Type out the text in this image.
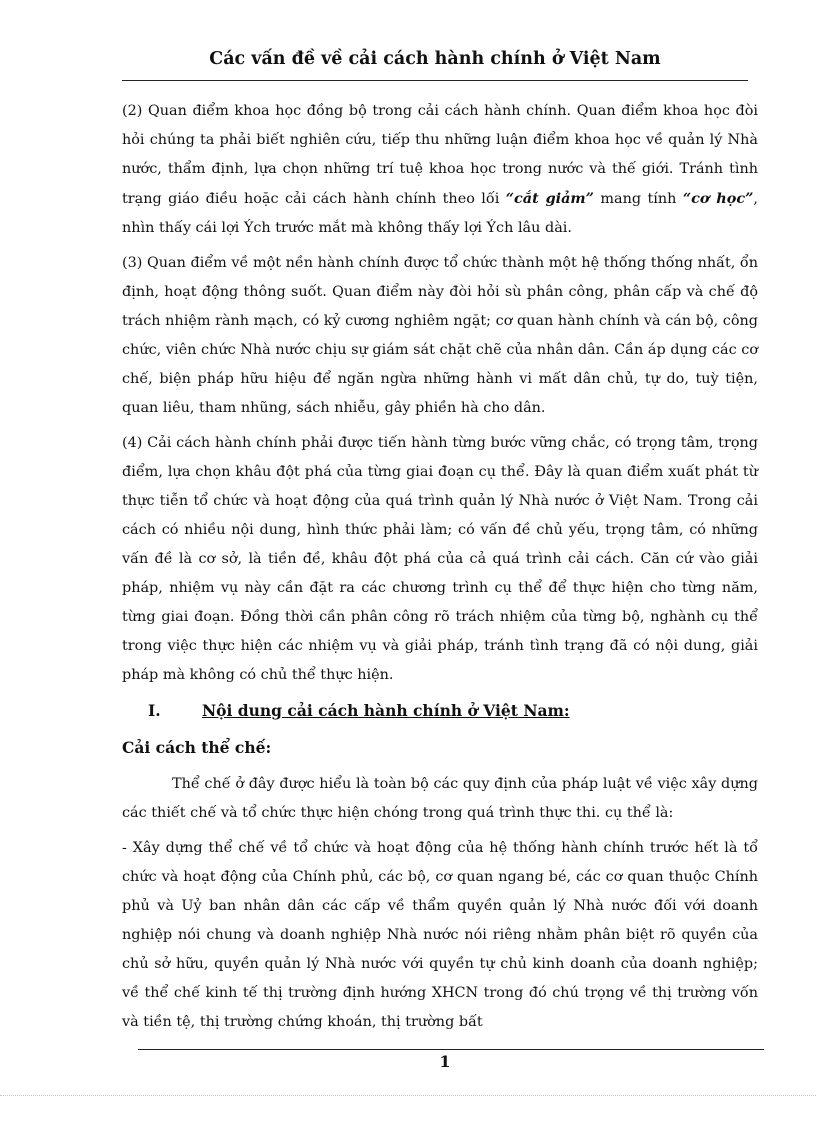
Các vấn đề về cải cách hành chính ở Việt Nam

(2) Quan điểm khoa học đồng bộ trong cải cách hành chính. Quan điểm khoa học đòi hỏi chúng ta phải biết nghiên cứu, tiếp thu những luận điểm khoa học về quản lý Nhà nước, thẩm định, lựa chọn những trí tuệ khoa học trong nước và thế giới. Tránh tình trạng giáo điều hoặc cải cách hành chính theo lối “cắt giảm” mang tính “cơ học”, nhìn thấy cái lợi Ých trước mắt mà không thấy lợi Ých lâu dài.

(3) Quan điểm về một nền hành chính được tổ chức thành một hệ thống thống nhất, ổn định, hoạt động thông suốt. Quan điểm này đòi hỏi sù phân công, phân cấp và chế độ trách nhiệm rành mạch, có kỷ cương nghiêm ngặt; cơ quan hành chính và cán bộ, công chức, viên chức Nhà nước chịu sự giám sát chặt chẽ của nhân dân. Cần áp dụng các cơ chế, biện pháp hữu hiệu để ngăn ngừa những hành vi mất dân chủ, tự do, tuỳ tiện, quan liêu, tham nhũng, sách nhiễu, gây phiền hà cho dân.

(4) Cải cách hành chính phải được tiến hành từng bước vững chắc, có trọng tâm, trọng điểm, lựa chọn khâu đột phá của từng giai đoạn cụ thể. Đây là quan điểm xuất phát từ thực tiễn tổ chức và hoạt động của quá trình quản lý Nhà nước ở Việt Nam. Trong cải cách có nhiều nội dung, hình thức phải làm; có vấn đề chủ yếu, trọng tâm, có những vấn đề là cơ sở, là tiền đề, khâu đột phá của cả quá trình cải cách. Căn cứ vào giải pháp, nhiệm vụ này cần đặt ra các chương trình cụ thể để thực hiện cho từng năm, từng giai đoạn. Đồng thời cần phân công rõ trách nhiệm của từng bộ, nghành cụ thể trong việc thực hiện các nhiệm vụ và giải pháp, tránh tình trạng đã có nội dung, giải pháp mà không có chủ thể thực hiện.

I.	Nội dung cải cách hành chính ở Việt Nam:
Cải cách thể chế:

Thể chế ở đây được hiểu là toàn bộ các quy định của pháp luật về việc xây dựng các thiết chế và tổ chức thực hiện chóng trong quá trình thực thi. cụ thể là:

- Xây dựng thể chế về tổ chức và hoạt động của hệ thống hành chính trước hết là tổ chức và hoạt động của Chính phủ, các bộ, cơ quan ngang bé, các cơ quan thuộc Chính phủ và Uỷ ban nhân dân các cấp về thẩm quyền quản lý Nhà nước đối với doanh nghiệp nói chung và doanh nghiệp Nhà nước nói riêng nhằm phân biệt rõ quyền của chủ sở hữu, quyền quản lý Nhà nước với quyền tự chủ kinh doanh của doanh nghiệp; về thể chế kinh tế thị trường định hướng XHCN trong đó chú trọng về thị trường vốn và tiền tệ, thị trường chứng khoán, thị trường bất

1
